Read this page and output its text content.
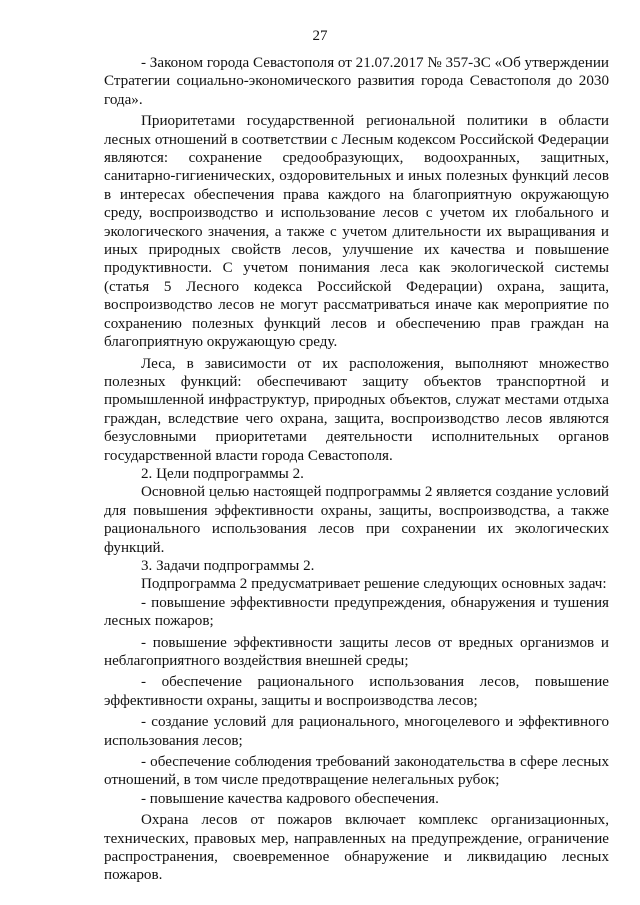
27

- Законом города Севастополя от 21.07.2017 № 357-ЗС «Об утверждении Стратегии социально-экономического развития города Севастополя до 2030 года».

Приоритетами государственной региональной политики в области лесных отношений в соответствии с Лесным кодексом Российской Федерации являются: сохранение средообразующих, водоохранных, защитных, санитарно-гигиенических, оздоровительных и иных полезных функций лесов в интересах обеспечения права каждого на благоприятную окружающую среду, воспроизводство и использование лесов с учетом их глобального и экологического значения, а также с учетом длительности их выращивания и иных природных свойств лесов, улучшение их качества и повышение продуктивности. С учетом понимания леса как экологической системы (статья 5 Лесного кодекса Российской Федерации) охрана, защита, воспроизводство лесов не могут рассматриваться иначе как мероприятие по сохранению полезных функций лесов и обеспечению прав граждан на благоприятную окружающую среду.

Леса, в зависимости от их расположения, выполняют множество полезных функций: обеспечивают защиту объектов транспортной и промышленной инфраструктур, природных объектов, служат местами отдыха граждан, вследствие чего охрана, защита, воспроизводство лесов являются безусловными приоритетами деятельности исполнительных органов государственной власти города Севастополя.

2. Цели подпрограммы 2.

Основной целью настоящей подпрограммы 2 является создание условий для повышения эффективности охраны, защиты, воспроизводства, а также рационального использования лесов при сохранении их экологических функций.

3. Задачи подпрограммы 2.

Подпрограмма 2 предусматривает решение следующих основных задач:

- повышение эффективности предупреждения, обнаружения и тушения лесных пожаров;

- повышение эффективности защиты лесов от вредных организмов и неблагоприятного воздействия внешней среды;

- обеспечение рационального использования лесов, повышение эффективности охраны, защиты и воспроизводства лесов;

- создание условий для рационального, многоцелевого и эффективного использования лесов;

- обеспечение соблюдения требований законодательства в сфере лесных отношений, в том числе предотвращение нелегальных рубок;

- повышение качества кадрового обеспечения.

Охрана лесов от пожаров включает комплекс организационных, технических, правовых мер, направленных на предупреждение, ограничение распространения, своевременное обнаружение и ликвидацию лесных пожаров.
